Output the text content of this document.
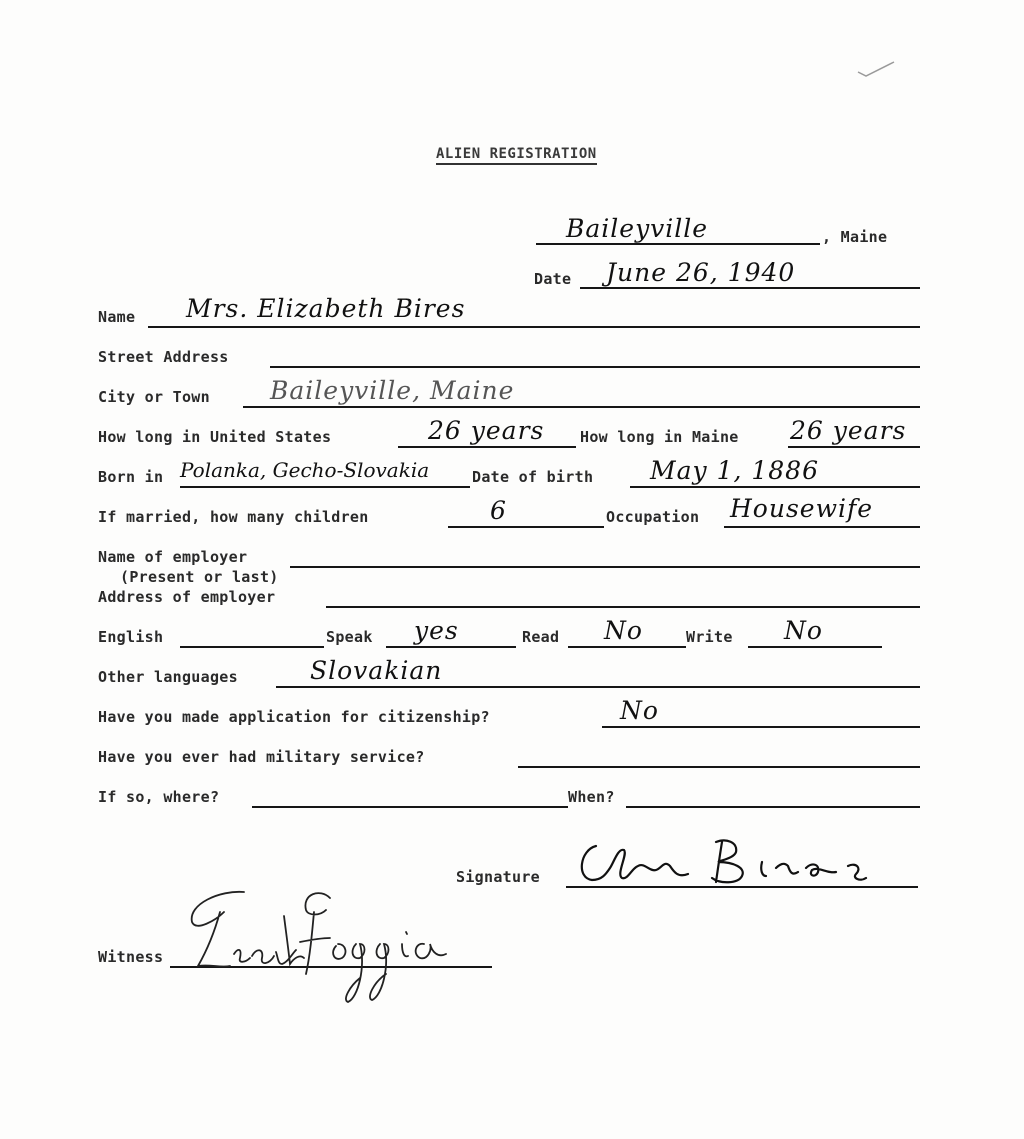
ALIEN REGISTRATION
Baileyville	, Maine
Date June 26, 1940
Name Mrs. Elizabeth Bires
Street Address
City or Town Baileyville, Maine
How long in United States	26 years How long in Maine 26 years
Born in Polanka, Gecho-Slovakia	Date of birth May 1, 1886
If married, how many children	6	Occupation Housewife
Name of employer
(Present or last)
Address of employer
English	Speak yes	Read No	Write No
Other languages	Slovakian
Have you made application for citizenship?	No
Have you ever had military service?
If so, where?	When?
Signature
Witness
